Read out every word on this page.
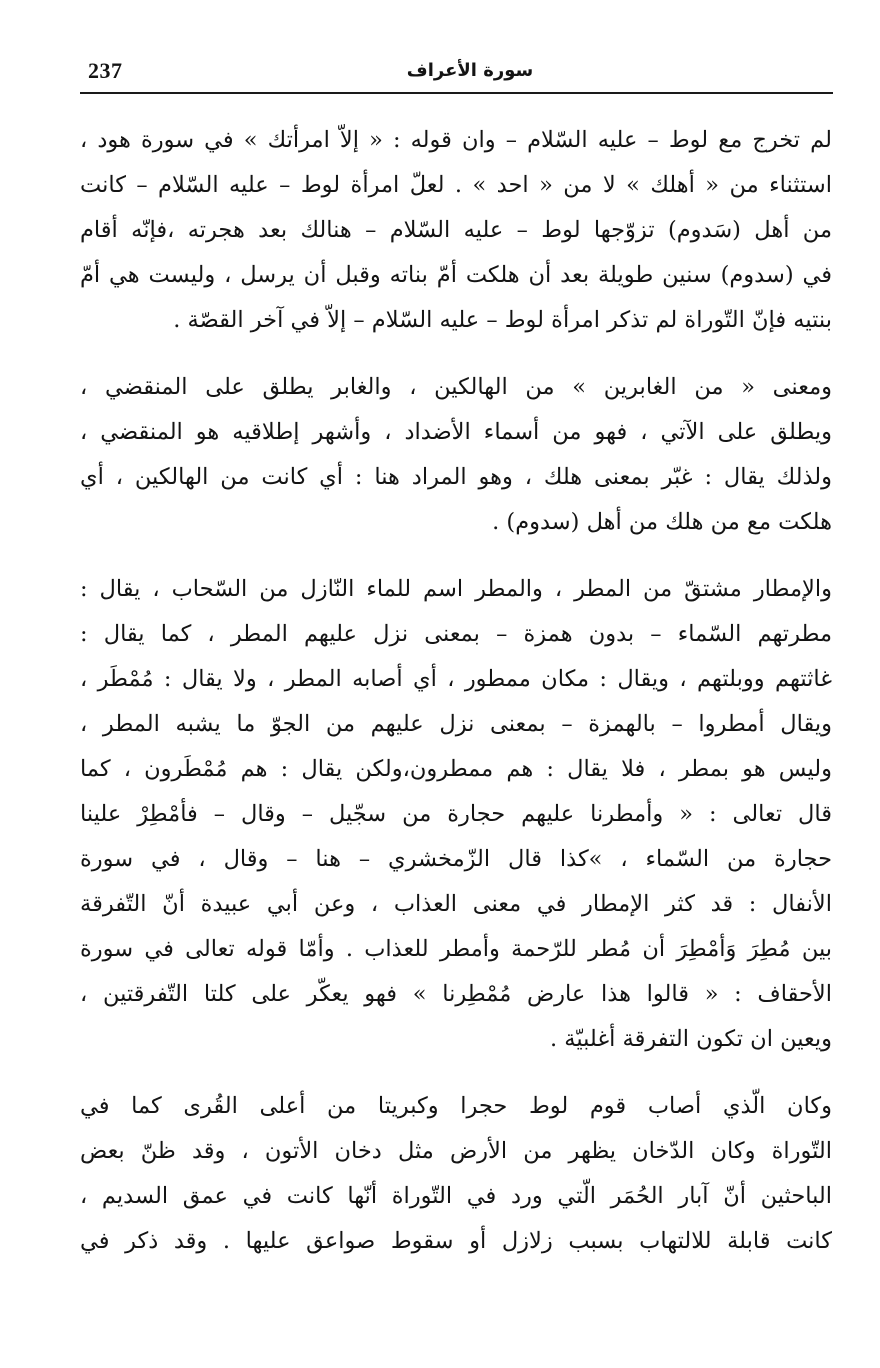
237	سورة الأعراف
لم تخرج مع لوط – عليه السّلام – وان قوله : « إلاّ امرأتك » في سورة هود ،
استثناء من « أهلك » لا من « احد » . لعلّ امرأة لوط – عليه السّلام – كانت
من أهل (سَدوم) تزوّجها لوط – عليه السّلام – هنالك بعد هجرته ،فإنّه أقام
في (سدوم) سنين طويلة بعد أن هلكت أمّ بناته وقبل أن يرسل ، وليست هي أمّ
بنتيه فإنّ التّوراة لم تذكر امرأة لوط – عليه السّلام – إلاّ في آخر القصّة .
ومعنى « من الغابرين » من الهالكين ، والغابر يطلق على المنقضي ،
ويطلق على الآتي ، فهو من أسماء الأضداد ، وأشهر إطلاقيه هو المنقضي ،
ولذلك يقال : غبّر بمعنى هلك ، وهو المراد هنا : أي كانت من الهالكين ، أي
هلكت مع من هلك من أهل (سدوم) .
والإمطار مشتقّ من المطر ، والمطر اسم للماء النّازل من السّحاب ، يقال :
مطرتهم السّماء – بدون همزة – بمعنى نزل عليهم المطر ، كما يقال :
غاثتهم ووبلتهم ، ويقال : مكان ممطور ، أي أصابه المطر ، ولا يقال : مُمْطَر ،
ويقال أمطروا – بالهمزة – بمعنى نزل عليهم من الجوّ ما يشبه المطر ،
وليس هو بمطر ، فلا يقال : هم ممطرون،ولكن يقال : هم مُمْطَرون ، كما
قال تعالى : « وأمطرنا عليهم حجارة من سجّيل – وقال – فأمْطِرْ علينا
حجارة من السّماء ، »كذا قال الزّمخشري – هنا – وقال ، في سورة
الأنفال : قد كثر الإمطار في معنى العذاب ، وعن أبي عبيدة أنّ التّفرقة
بين مُطِرَ وَأمْطِرَ أن مُطر للرّحمة وأمطر للعذاب . وأمّا قوله تعالى في سورة
الأحقاف : « قالوا هذا عارض مُمْطِرنا » فهو يعكّر على كلتا التّفرقتين ،
ويعين ان تكون التفرقة أغلبيّة .
وكان الّذي أصاب قوم لوط حجرا وكبريتا من أعلى القُرى كما في
التّوراة وكان الدّخان يظهر من الأرض مثل دخان الأتون ، وقد ظنّ بعض
الباحثين أنّ آبار الحُمَر الّتي ورد في التّوراة أنّها كانت في عمق السديم ،
كانت قابلة للالتهاب بسبب زلازل أو سقوط صواعق عليها . وقد ذكر في
